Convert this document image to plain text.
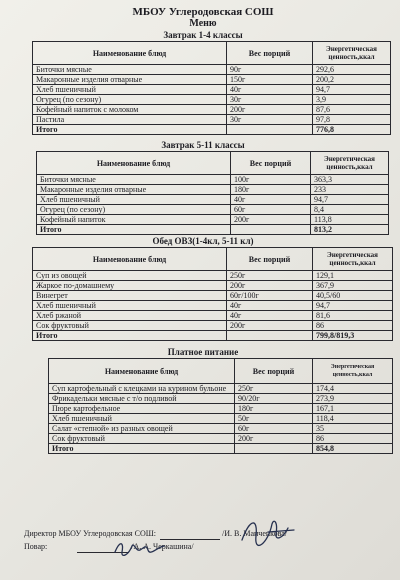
МБОУ Углеродовская СОШ
Меню
Завтрак 1-4 классы
Наименование блюд	Вес порций	Энергетическая ценность,ккал
Биточки мясные	90г	292,6
Макаронные изделия отварные	150г	200,2
Хлеб пшеничный	40г	94,7
Огурец (по сезону)	30г	3,9
Кофейный напиток с молоком	200г	87,6
Пастила	30г	97,8
Итого		776,8
Завтрак 5-11 классы
Наименование блюд	Вес порций	Энергетическая ценность,ккал
Биточки мясные	100г	363,3
Макаронные изделия отварные	180г	233
Хлеб пшеничный	40г	94,7
Огурец (по сезону)	60г	8,4
Кофейный напиток	200г	113,8
Итого		813,2
Обед ОВЗ(1-4кл, 5-11 кл)
Наименование блюд	Вес порций	Энергетическая ценность,ккал
Суп из овощей	250г	129,1
Жаркое по-домашнему	200г	367,9
Винегрет	60г/100г	40,5/60
Хлеб пшеничный	40г	94,7
Хлеб ржаной	40г	81,6
Сок фруктовый	200г	86
Итого		799,8/819,3
Платное питание
Наименование блюд	Вес порций	Энергетическая ценность,ккал
Суп картофельный с клецками на курином бульоне	250г	174,4
Фрикадельки мясные с т/о подливой	90/20г	273,9
Пюре картофельное	180г	167,1
Хлеб пшеничный	50г	118,4
Салат «степной» из разных овощей	60г	35
Сок фруктовый	200г	86
Итого		854,8
Директор МБОУ Углеродовская СОШ:	/И. В. Манченкова/
Повар:	/А. А. Черкашина/
